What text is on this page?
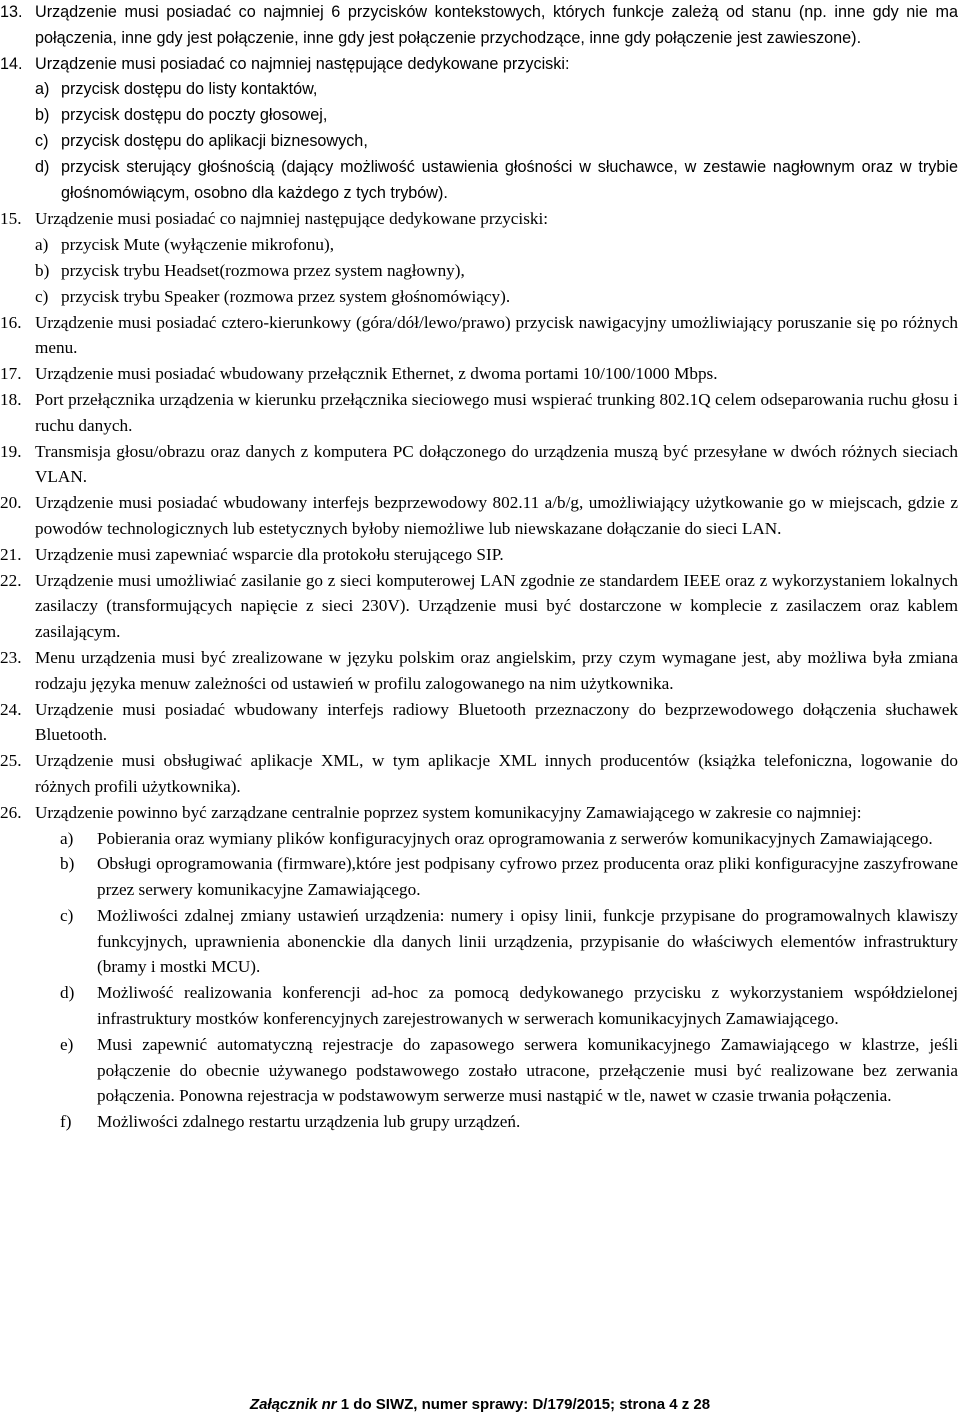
13. Urządzenie musi posiadać co najmniej 6 przycisków kontekstowych, których funkcje zależą od stanu (np. inne gdy nie ma połączenia, inne gdy jest połączenie, inne gdy jest połączenie przychodzące, inne gdy połączenie jest zawieszone).
14. Urządzenie musi posiadać co najmniej następujące dedykowane przyciski:
a) przycisk dostępu do listy kontaktów,
b) przycisk dostępu do poczty głosowej,
c) przycisk dostępu do aplikacji biznesowych,
d) przycisk sterujący głośnością (dający możliwość ustawienia głośności w słuchawce, w zestawie nagłownym oraz w trybie głośnomówiącym, osobno dla każdego z tych trybów).
15. Urządzenie musi posiadać co najmniej następujące dedykowane przyciski:
a) przycisk Mute (wyłączenie mikrofonu),
b) przycisk trybu Headset(rozmowa przez system nagłowny),
c) przycisk trybu Speaker (rozmowa przez system głośnomówiący).
16. Urządzenie musi posiadać cztero-kierunkowy (góra/dół/lewo/prawo) przycisk nawigacyjny umożliwiający poruszanie się po różnych menu.
17. Urządzenie musi posiadać wbudowany przełącznik Ethernet, z dwoma portami 10/100/1000 Mbps.
18. Port przełącznika urządzenia w kierunku przełącznika sieciowego musi wspierać trunking 802.1Q celem odseparowania ruchu głosu i ruchu danych.
19. Transmisja głosu/obrazu oraz danych z komputera PC dołączonego do urządzenia muszą być przesyłane w dwóch różnych sieciach VLAN.
20. Urządzenie musi posiadać wbudowany interfejs bezprzewodowy 802.11 a/b/g, umożliwiający użytkowanie go w miejscach, gdzie z powodów technologicznych lub estetycznych byłoby niemożliwe lub niewskazane dołączanie do sieci LAN.
21. Urządzenie musi zapewniać wsparcie dla protokołu sterującego SIP.
22. Urządzenie musi umożliwiać zasilanie go z sieci komputerowej LAN zgodnie ze standardem IEEE oraz z wykorzystaniem lokalnych zasilaczy (transformujących napięcie z sieci 230V). Urządzenie musi być dostarczone w komplecie z zasilaczem oraz kablem zasilającym.
23. Menu urządzenia musi być zrealizowane w języku polskim oraz angielskim, przy czym wymagane jest, aby możliwa była zmiana rodzaju języka menuw zależności od ustawień w profilu zalogowanego na nim użytkownika.
24. Urządzenie musi posiadać wbudowany interfejs radiowy Bluetooth przeznaczony do bezprzewodowego dołączenia słuchawek Bluetooth.
25. Urządzenie musi obsługiwać aplikacje XML, w tym aplikacje XML innych producentów (książka telefoniczna, logowanie do różnych profili użytkownika).
26. Urządzenie powinno być zarządzane centralnie poprzez system komunikacyjny Zamawiającego w zakresie co najmniej:
a) Pobierania oraz wymiany plików konfiguracyjnych oraz oprogramowania z serwerów komunikacyjnych Zamawiającego.
b) Obsługi oprogramowania (firmware),które jest podpisany cyfrowo przez producenta oraz pliki konfiguracyjne zaszyfrowane przez serwery komunikacyjne Zamawiającego.
c) Możliwości zdalnej zmiany ustawień urządzenia: numery i opisy linii, funkcje przypisane do programowalnych klawiszy funkcyjnych, uprawnienia abonenckie dla danych linii urządzenia, przypisanie do właściwych elementów infrastruktury (bramy i mostki MCU).
d) Możliwość realizowania konferencji ad-hoc za pomocą dedykowanego przycisku z wykorzystaniem współdzielonej infrastruktury mostków konferencyjnych zarejestrowanych w serwerach komunikacyjnych Zamawiającego.
e) Musi zapewnić automatyczną rejestracje do zapasowego serwera komunikacyjnego Zamawiającego w klastrze, jeśli połączenie do obecnie używanego podstawowego zostało utracone, przełączenie musi być realizowane bez zerwania połączenia. Ponowna rejestracja w podstawowym serwerze musi nastąpić w tle, nawet w czasie trwania połączenia.
f) Możliwości zdalnego restartu urządzenia lub grupy urządzeń.
Załącznik nr 1 do SIWZ, numer sprawy: D/179/2015; strona 4 z 28
